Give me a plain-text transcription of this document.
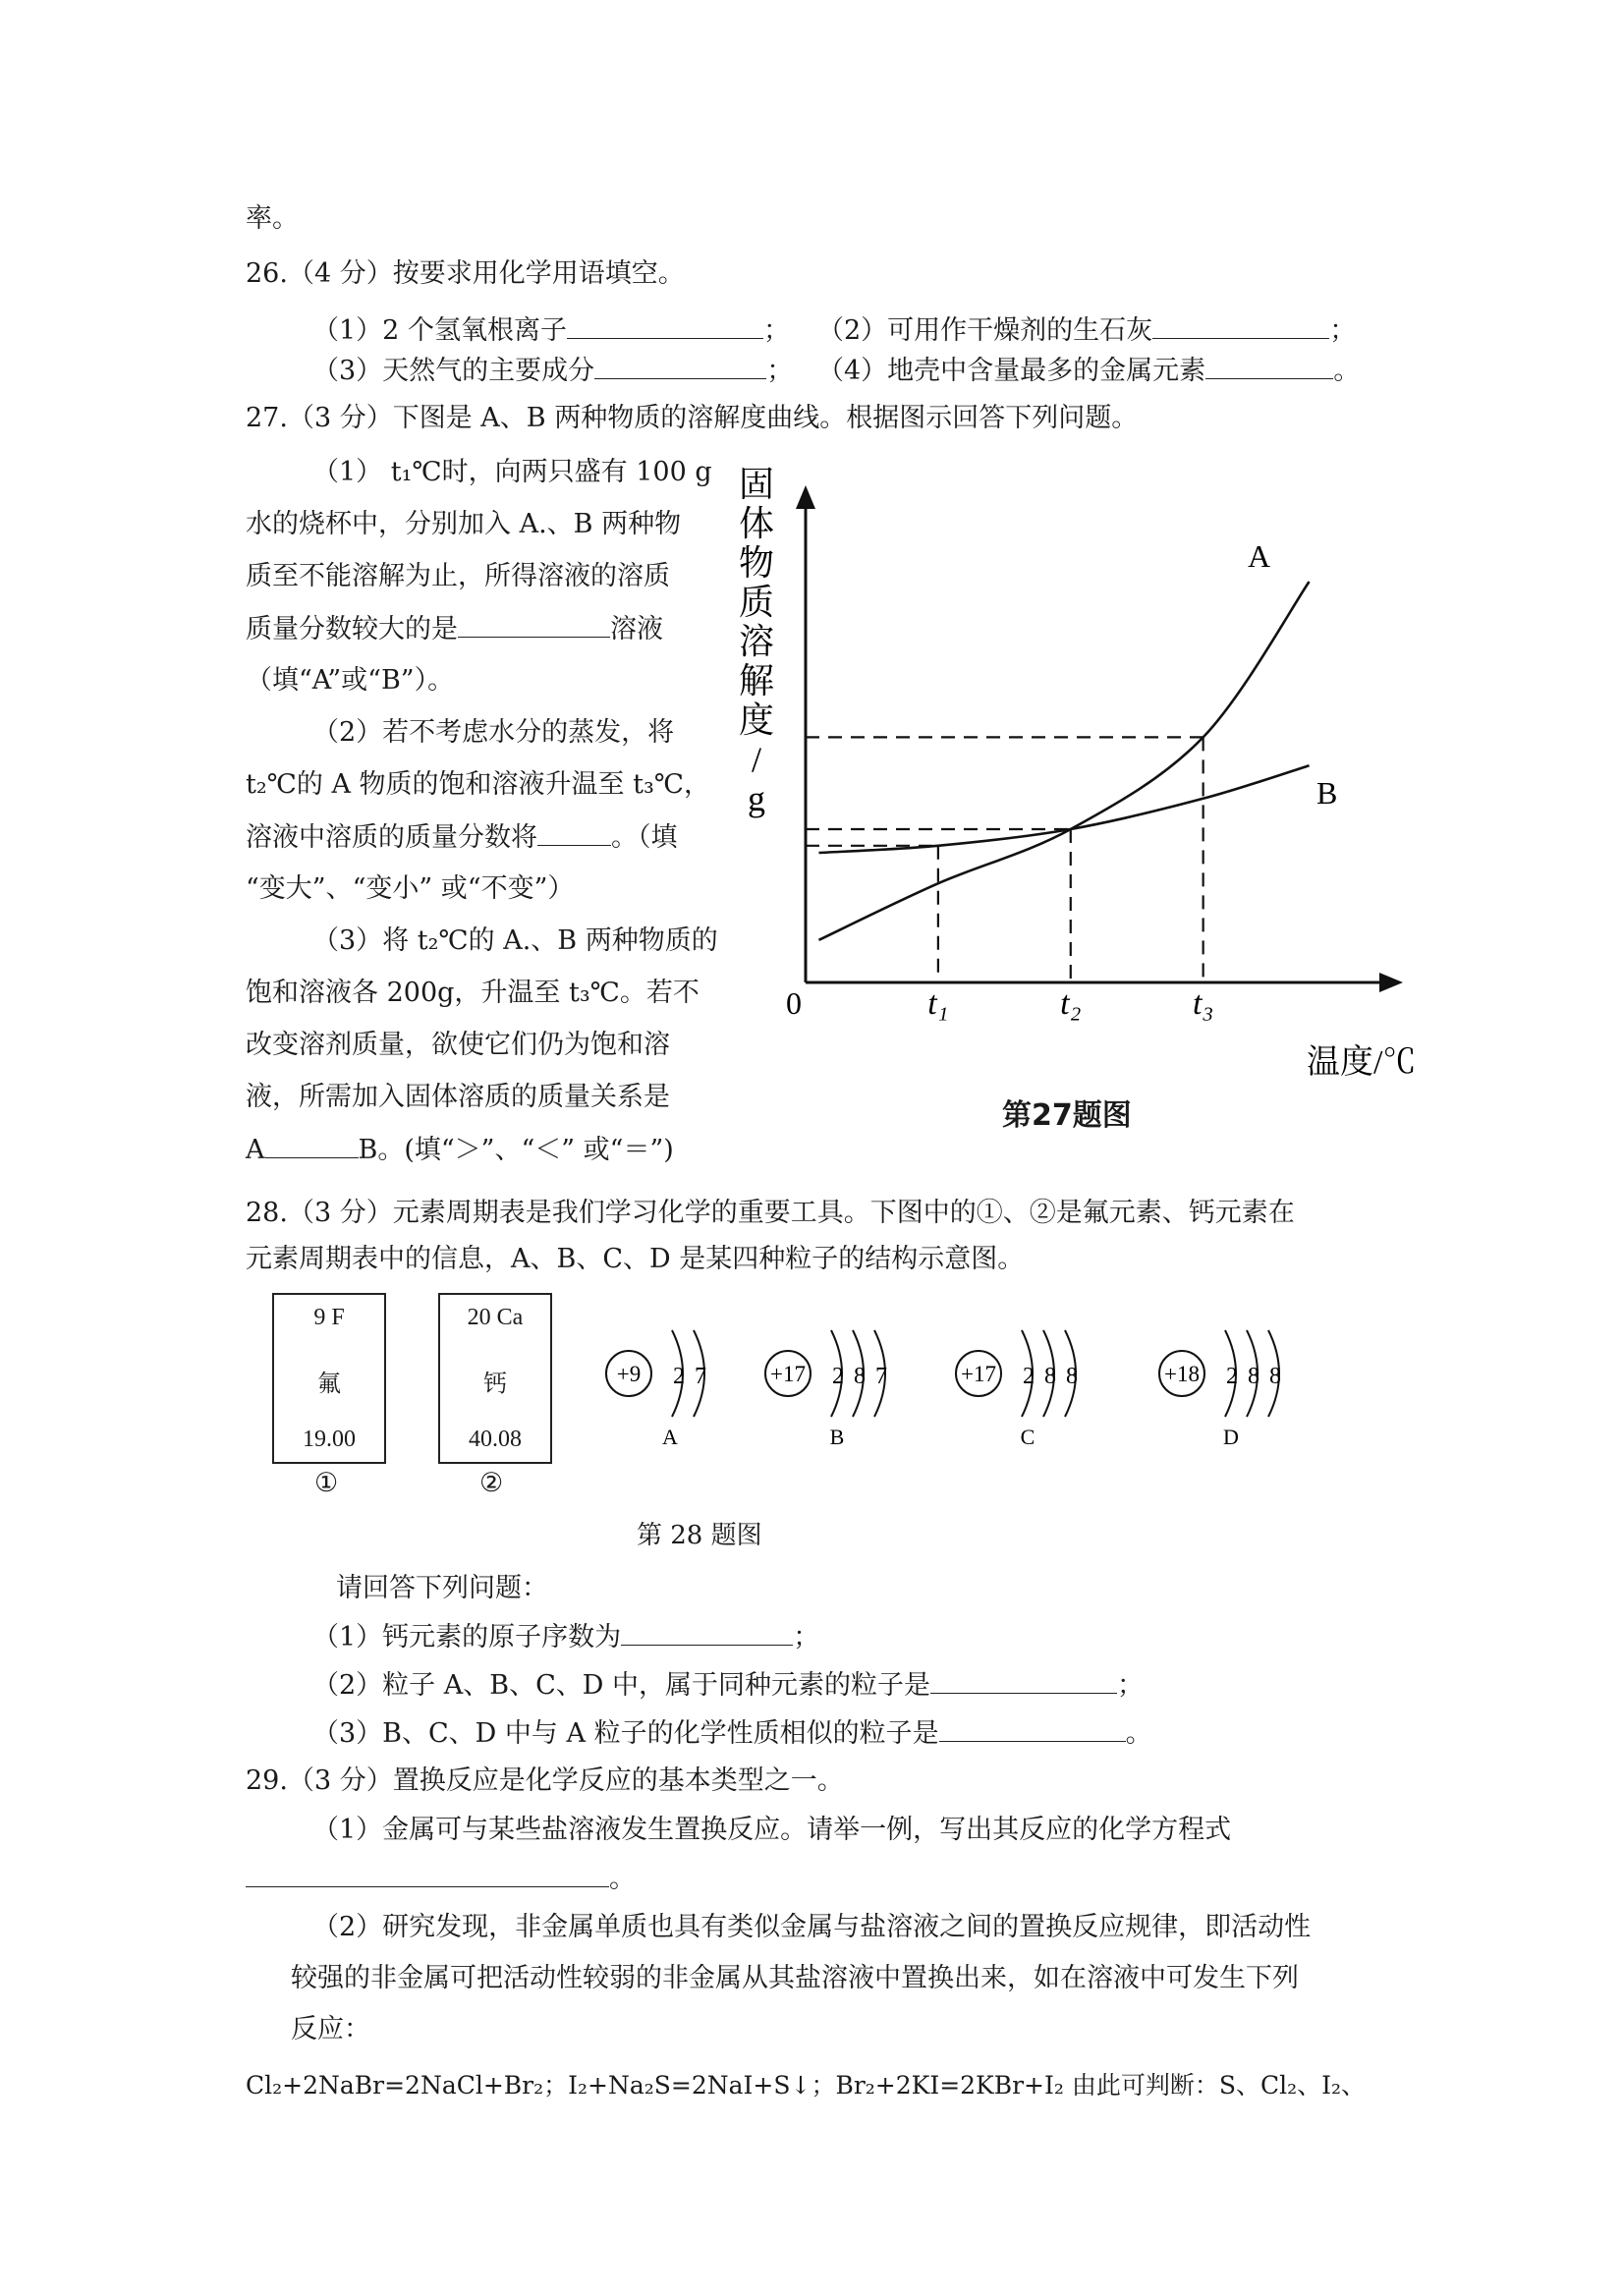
率。
26.（4 分）按要求用化学用语填空。
（1）2 个氢氧根离子	； （2）可用作干燥剂的生石灰	；
（3）天然气的主要成分	； （4）地壳中含量最多的金属元素	。
27.（3 分）下图是 A、B 两种物质的溶解度曲线。根据图示回答下列问题。
（1） t₁℃时，向两只盛有 100 g
水的烧杯中，分别加入 A.、B 两种物
质至不能溶解为止，所得溶液的溶质
质量分数较大的是	溶液
（填“A”或“B”）。
（2）若不考虑水分的蒸发，将
t₂℃的 A 物质的饱和溶液升温至 t₃℃，
溶液中溶质的质量分数将	。（填
“变大”、“变小” 或“不变”）
（3）将 t₂℃的 A.、B 两种物质的
饱和溶液各 200g，升温至 t₃℃。若不
改变溶剂质量，欲使它们仍为饱和溶
液，所需加入固体溶质的质量关系是
A	B。(填“＞”、“＜” 或“＝”)
固
体
物
质
溶
解
度
/
g
0	t₁	t₂	t₃
A
B
温度/℃
第27题图
28.（3 分）元素周期表是我们学习化学的重要工具。下图中的①、②是氟元素、钙元素在
元素周期表中的信息，A、B、C、D 是某四种粒子的结构示意图。
9 F
氟
19.00
①
20 Ca
钙
40.08
②
+9 2 7
A
+17 2 8 7
B
+17 2 8 8
C
+18 2 8 8
D
第 28 题图
请回答下列问题：
（1）钙元素的原子序数为	；
（2）粒子 A、B、C、D 中，属于同种元素的粒子是	；
（3）B、C、D 中与 A 粒子的化学性质相似的粒子是	。
29.（3 分）置换反应是化学反应的基本类型之一。
（1）金属可与某些盐溶液发生置换反应。请举一例，写出其反应的化学方程式
。
（2）研究发现，非金属单质也具有类似金属与盐溶液之间的置换反应规律，即活动性
较强的非金属可把活动性较弱的非金属从其盐溶液中置换出来，如在溶液中可发生下列
反应：
Cl₂+2NaBr=2NaCl+Br₂；I₂+Na₂S=2NaI+S↓；Br₂+2KI=2KBr+I₂ 由此可判断：S、Cl₂、I₂、
